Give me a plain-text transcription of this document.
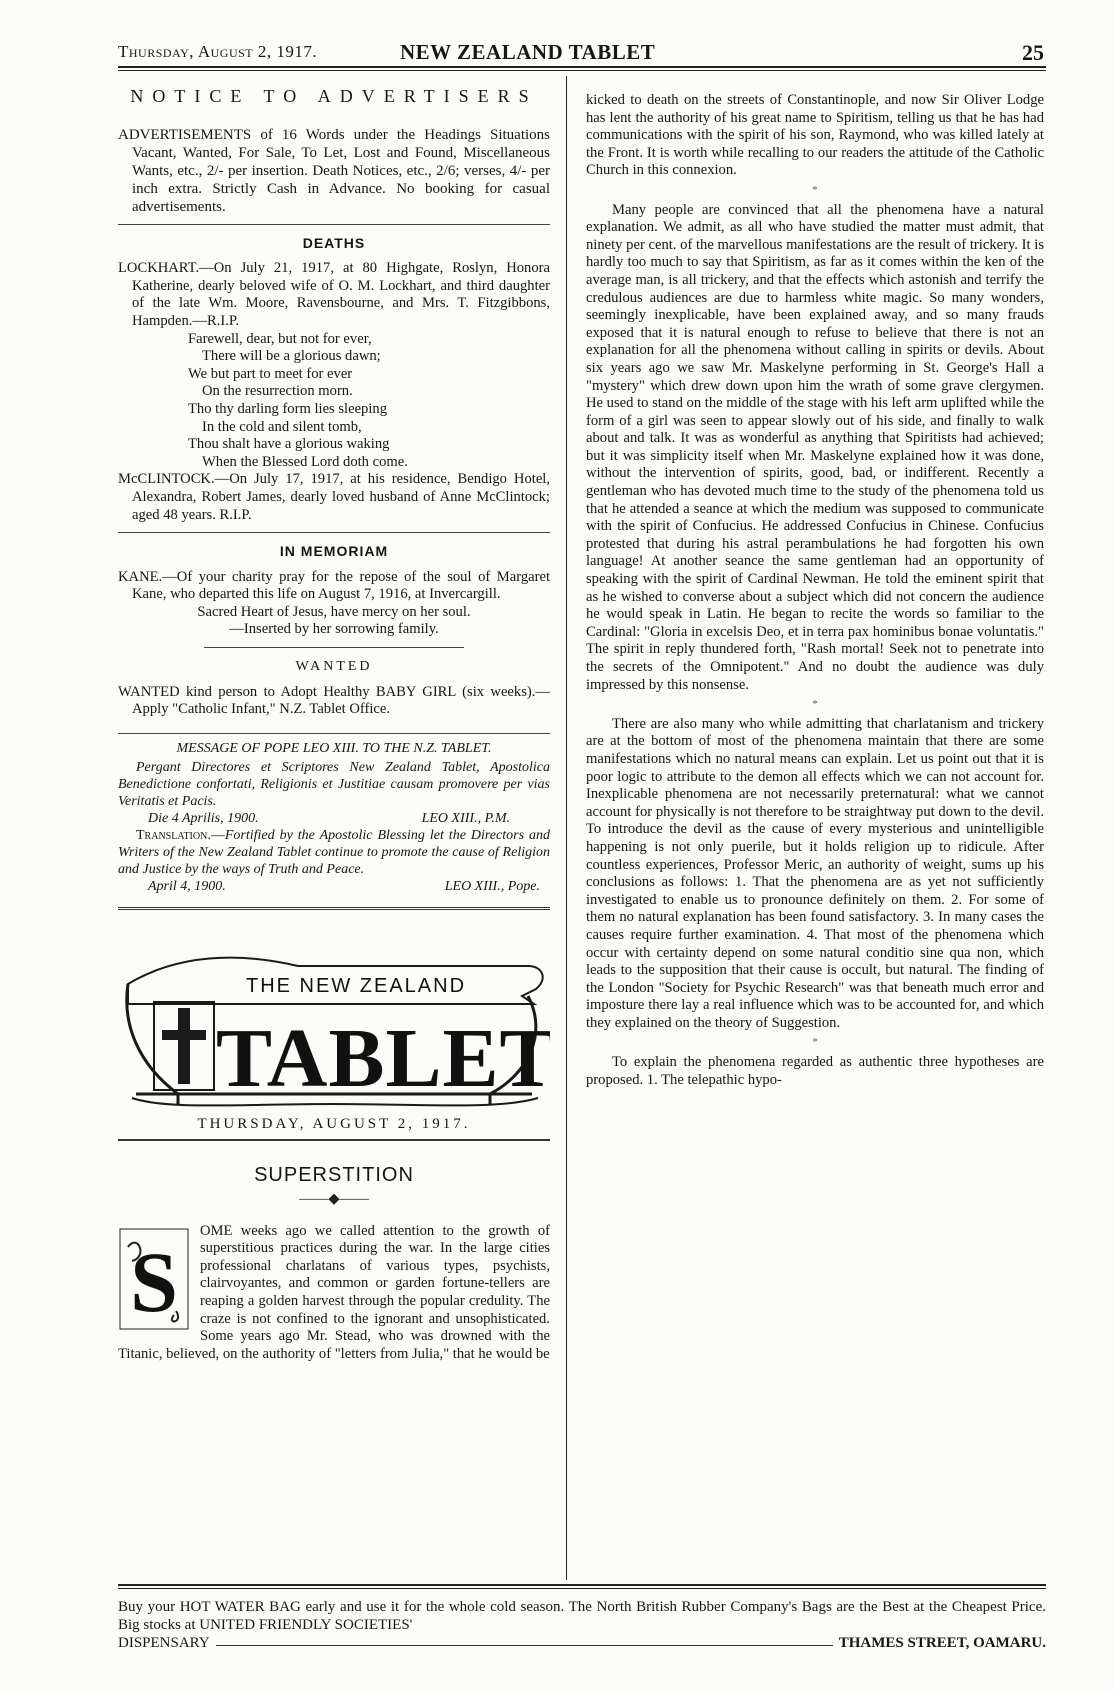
Thursday, August 2, 1917.	NEW ZEALAND TABLET	25
NOTICE TO ADVERTISERS

ADVERTISEMENTS of 16 Words under the Headings Situations Vacant, Wanted, For Sale, To Let, Lost and Found, Miscellaneous Wants, etc., 2/- per insertion. Death Notices, etc., 2/6; verses, 4/- per inch extra. Strictly Cash in Advance. No booking for casual advertisements.

DEATHS

LOCKHART.—On July 21, 1917, at 80 Highgate, Roslyn, Honora Katherine, dearly beloved wife of O. M. Lockhart, and third daughter of the late Wm. Moore, Ravensbourne, and Mrs. T. Fitzgibbons, Hampden.—R.I.P.

Farewell, dear, but not for ever,
There will be a glorious dawn;
We but part to meet for ever
On the resurrection morn.
Tho thy darling form lies sleeping
In the cold and silent tomb,
Thou shalt have a glorious waking
When the Blessed Lord doth come.

McCLINTOCK.—On July 17, 1917, at his residence, Bendigo Hotel, Alexandra, Robert James, dearly loved husband of Anne McClintock; aged 48 years. R.I.P.

IN MEMORIAM

KANE.—Of your charity pray for the repose of the soul of Margaret Kane, who departed this life on August 7, 1916, at Invercargill.

Sacred Heart of Jesus, have mercy on her soul.

—Inserted by her sorrowing family.

WANTED

WANTED kind person to Adopt Healthy BABY GIRL (six weeks).—Apply "Catholic Infant," N.Z. Tablet Office.

MESSAGE OF POPE LEO XIII. TO THE N.Z. TABLET.

Pergant Directores et Scriptores New Zealand Tablet, Apostolica Benedictione confortati, Religionis et Justitiae causam promovere per vias Veritatis et Pacis.

Die 4 Aprilis, 1900.	LEO XIII., P.M.

Translation.—Fortified by the Apostolic Blessing let the Directors and Writers of the New Zealand Tablet continue to promote the cause of Religion and Justice by the ways of Truth and Peace.

April 4, 1900.	LEO XIII., Pope.
THE NEW ZEALAND
TABLET
THURSDAY, AUGUST 2, 1917.
SUPERSTITION
——◆——
S

OME weeks ago we called attention to the growth of superstitious practices during the war. In the large cities professional charlatans of various types, psychists, clairvoyantes, and common or garden fortune-tellers are reaping a golden harvest through the popular credulity. The craze is not confined to the ignorant and unsophisticated. Some years ago Mr. Stead, who was drowned with the Titanic, believed, on the authority of "letters from Julia," that he would be

kicked to death on the streets of Constantinople, and now Sir Oliver Lodge has lent the authority of his great name to Spiritism, telling us that he has had communications with the spirit of his son, Raymond, who was killed lately at the Front. It is worth while recalling to our readers the attitude of the Catholic Church in this connexion.

*

Many people are convinced that all the phenomena have a natural explanation. We admit, as all who have studied the matter must admit, that ninety per cent. of the marvellous manifestations are the result of trickery. It is hardly too much to say that Spiritism, as far as it comes within the ken of the average man, is all trickery, and that the effects which astonish and terrify the credulous audiences are due to harmless white magic. So many wonders, seemingly inexplicable, have been explained away, and so many frauds exposed that it is natural enough to refuse to believe that there is not an explanation for all the phenomena without calling in spirits or devils. About six years ago we saw Mr. Maskelyne performing in St. George's Hall a "mystery" which drew down upon him the wrath of some grave clergymen. He used to stand on the middle of the stage with his left arm uplifted while the form of a girl was seen to appear slowly out of his side, and finally to walk about and talk. It was as wonderful as anything that Spiritists had achieved; but it was simplicity itself when Mr. Maskelyne explained how it was done, without the intervention of spirits, good, bad, or indifferent. Recently a gentleman who has devoted much time to the study of the phenomena told us that he attended a seance at which the medium was supposed to communicate with the spirit of Confucius. He addressed Confucius in Chinese. Confucius protested that during his astral perambulations he had forgotten his own language! At another seance the same gentleman had an opportunity of speaking with the spirit of Cardinal Newman. He told the eminent spirit that as he wished to converse about a subject which did not concern the audience he would speak in Latin. He began to recite the words so familiar to the Cardinal: "Gloria in excelsis Deo, et in terra pax hominibus bonae voluntatis." The spirit in reply thundered forth, "Rash mortal! Seek not to penetrate into the secrets of the Omnipotent." And no doubt the audience was duly impressed by this nonsense.

*

There are also many who while admitting that charlatanism and trickery are at the bottom of most of the phenomena maintain that there are some manifestations which no natural means can explain. Let us point out that it is poor logic to attribute to the demon all effects which we can not account for. Inexplicable phenomena are not necessarily preternatural: what we cannot account for physically is not therefore to be straightway put down to the devil. To introduce the devil as the cause of every mysterious and unintelligible happening is not only puerile, but it holds religion up to ridicule. After countless experiences, Professor Meric, an authority of weight, sums up his conclusions as follows: 1. That the phenomena are as yet not sufficiently investigated to enable us to pronounce definitely on them. 2. For some of them no natural explanation has been found satisfactory. 3. In many cases the causes require further examination. 4. That most of the phenomena which occur with certainty depend on some natural conditio sine qua non, which leads to the supposition that their cause is occult, but natural. The finding of the London "Society for Psychic Research" was that beneath much error and imposture there lay a real influence which was to be accounted for, and which they explained on the theory of Suggestion.

*

To explain the phenomena regarded as authentic three hypotheses are proposed. 1. The telepathic hypo-

Buy your HOT WATER BAG early and use it for the whole cold season. The North British Rubber Company's Bags are the Best at the Cheapest Price. Big stocks at UNITED FRIENDLY SOCIETIES'

DISPENSARY	THAMES STREET, OAMARU.
